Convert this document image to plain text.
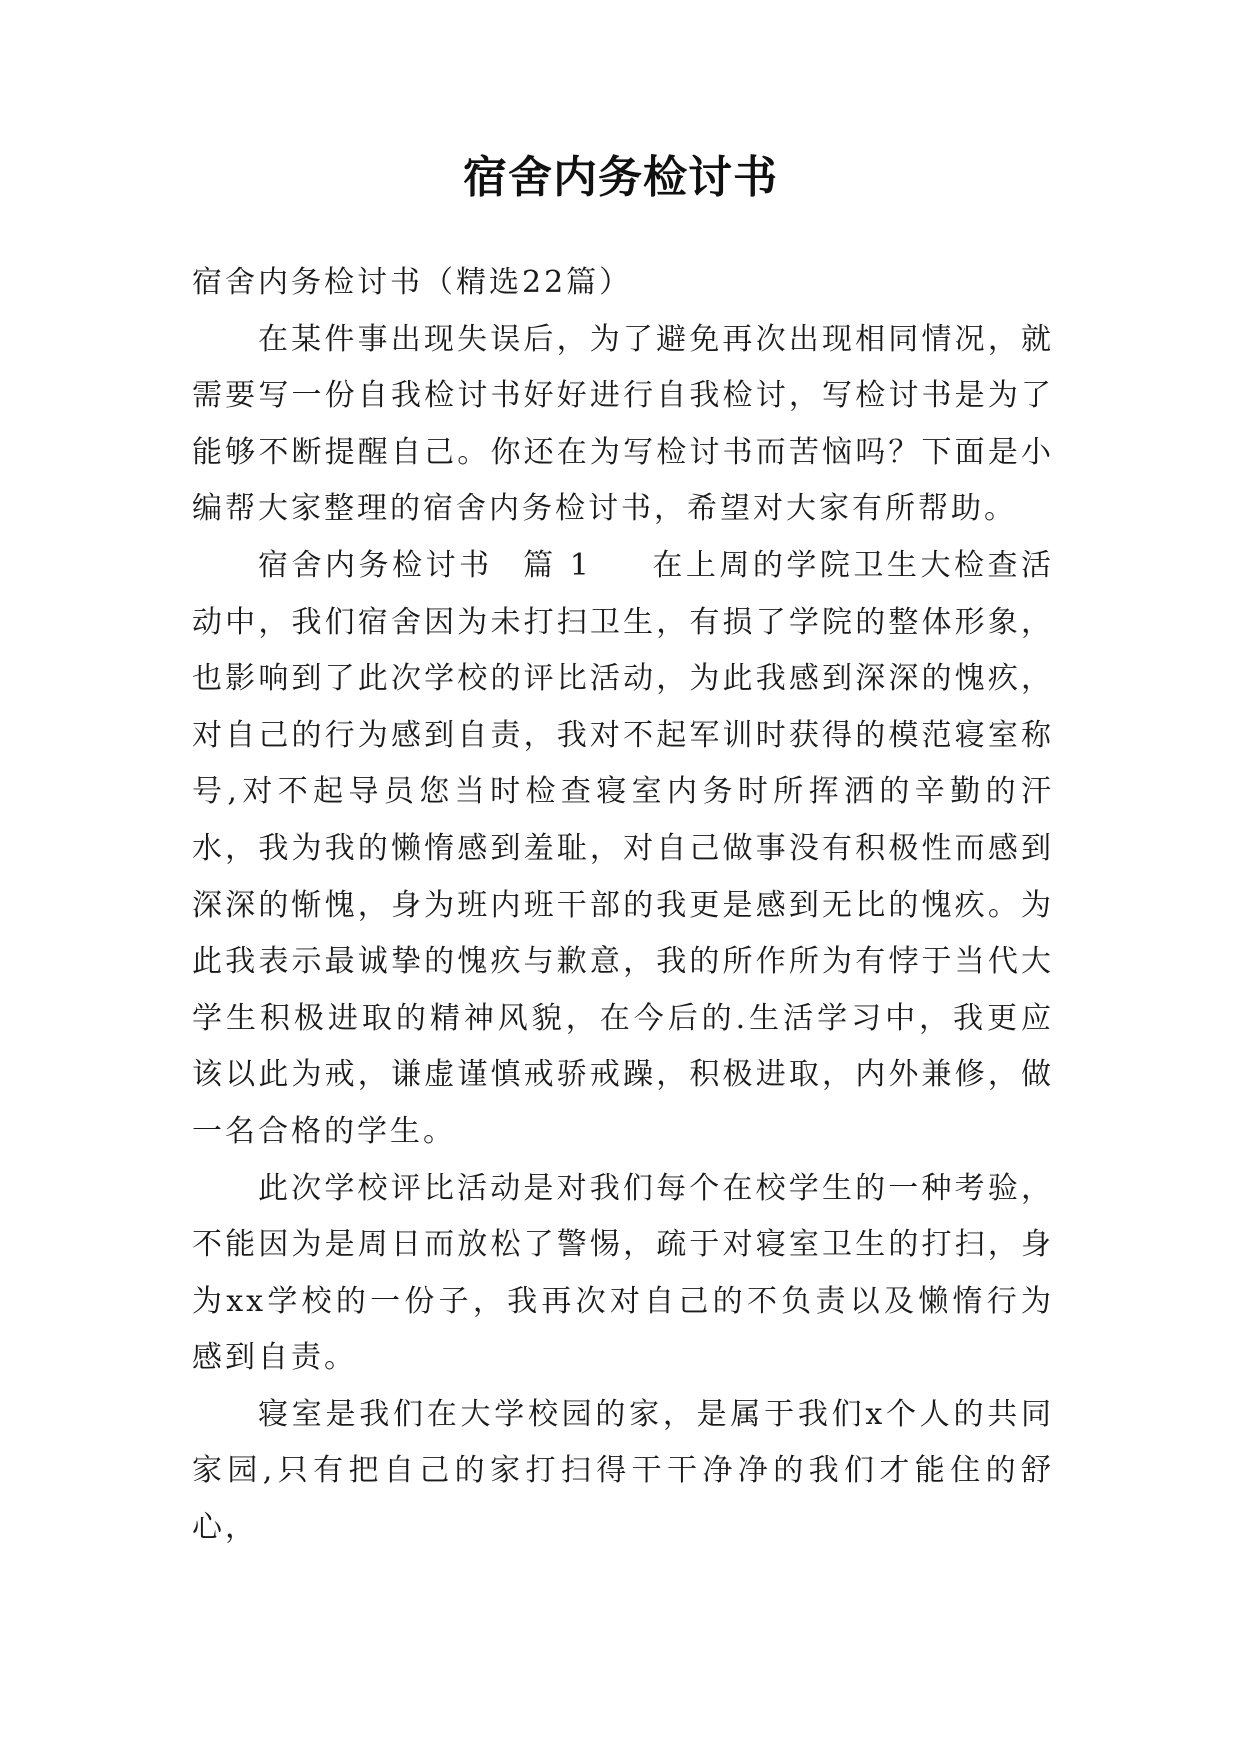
宿舍内务检讨书

宿舍内务检讨书（精选22篇）

在某件事出现失误后，为了避免再次出现相同情况，就需要写一份自我检讨书好好进行自我检讨，写检讨书是为了能够不断提醒自己。你还在为写检讨书而苦恼吗？下面是小编帮大家整理的宿舍内务检讨书，希望对大家有所帮助。

宿舍内务检讨书 篇 1 在上周的学院卫生大检查活动中，我们宿舍因为未打扫卫生，有损了学院的整体形象，也影响到了此次学校的评比活动，为此我感到深深的愧疚，对自己的行为感到自责，我对不起军训时获得的模范寝室称号,对不起导员您当时检查寝室内务时所挥洒的辛勤的汗水，我为我的懒惰感到羞耻，对自己做事没有积极性而感到深深的惭愧，身为班内班干部的我更是感到无比的愧疚。为此我表示最诚挚的愧疚与歉意，我的所作所为有悖于当代大学生积极进取的精神风貌，在今后的.生活学习中，我更应该以此为戒，谦虚谨慎戒骄戒躁，积极进取，内外兼修，做一名合格的学生。

此次学校评比活动是对我们每个在校学生的一种考验，不能因为是周日而放松了警惕，疏于对寝室卫生的打扫，身为xx学校的一份子，我再次对自己的不负责以及懒惰行为感到自责。

寝室是我们在大学校园的家，是属于我们x个人的共同家园,只有把自己的家打扫得干干净净的我们才能住的舒心，
